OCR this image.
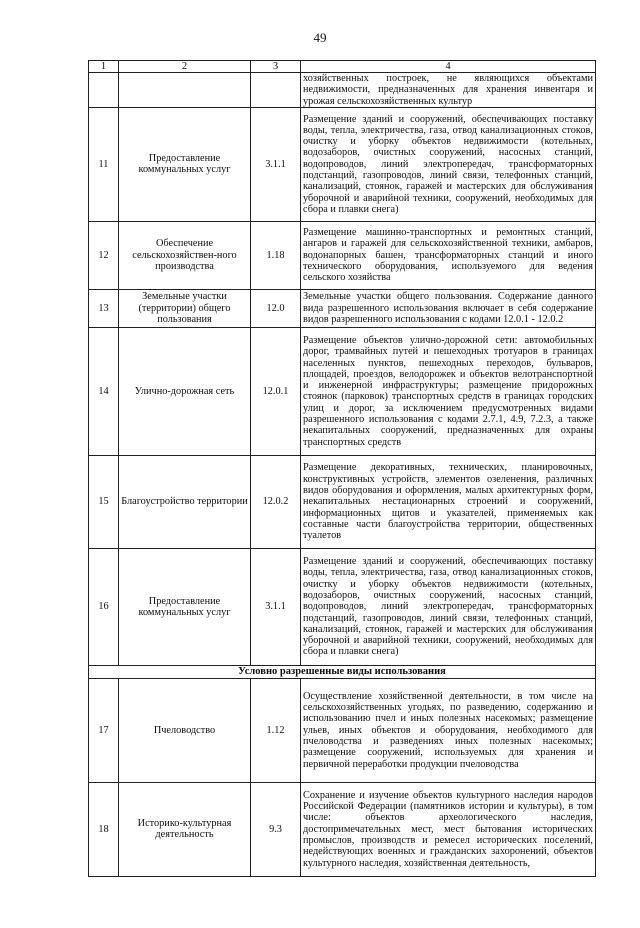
49
1	2	3	4
			хозяйственных построек, не являющихся объектами недвижимости, предназначенных для хранения инвентаря и урожая сельскохозяйственных культур
11	Предоставление коммунальных услуг	3.1.1	Размещение зданий и сооружений, обеспечивающих поставку воды, тепла, электричества, газа, отвод канализационных стоков, очистку и уборку объектов недвижимости (котельных, водозаборов, очистных сооружений, насосных станций, водопроводов, линий электропередач, трансформаторных подстанций, газопроводов, линий связи, телефонных станций, канализаций, стоянок, гаражей и мастерских для обслуживания уборочной и аварийной техники, сооружений, необходимых для сбора и плавки снега)
12	Обеспечение сельскохозяйствен-ного производства	1.18	Размещение машинно-транспортных и ремонтных станций, ангаров и гаражей для сельскохозяйственной техники, амбаров, водонапорных башен, трансформаторных станций и иного технического оборудования, используемого для ведения сельского хозяйства
13	Земельные участки (территории) общего пользования	12.0	Земельные участки общего пользования. Содержание данного вида разрешенного использования включает в себя содержание видов разрешенного использования с кодами 12.0.1 - 12.0.2
14	Улично-дорожная сеть	12.0.1	Размещение объектов улично-дорожной сети: автомобильных дорог, трамвайных путей и пешеходных тротуаров в границах населенных пунктов, пешеходных переходов, бульваров, площадей, проездов, велодорожек и объектов велотранспортной и инженерной инфраструктуры; размещение придорожных стоянок (парковок) транспортных средств в границах городских улиц и дорог, за исключением предусмотренных видами разрешенного использования с кодами 2.7.1, 4.9, 7.2.3, а также некапитальных сооружений, предназначенных для охраны транспортных средств
15	Благоустройство территории	12.0.2	Размещение декоративных, технических, планировочных, конструктивных устройств, элементов озеленения, различных видов оборудования и оформления, малых архитектурных форм, некапитальных нестационарных строений и сооружений, информационных щитов и указателей, применяемых как составные части благоустройства территории, общественных туалетов
16	Предоставление коммунальных услуг	3.1.1	Размещение зданий и сооружений, обеспечивающих поставку воды, тепла, электричества, газа, отвод канализационных стоков, очистку и уборку объектов недвижимости (котельных, водозаборов, очистных сооружений, насосных станций, водопроводов, линий электропередач, трансформаторных подстанций, газопроводов, линий связи, телефонных станций, канализаций, стоянок, гаражей и мастерских для обслуживания уборочной и аварийной техники, сооружений, необходимых для сбора и плавки снега)
Условно разрешенные виды использования			
17	Пчеловодство	1.12	Осуществление хозяйственной деятельности, в том числе на сельскохозяйственных угодьях, по разведению, содержанию и использованию пчел и иных полезных насекомых; размещение ульев, иных объектов и оборудования, необходимого для пчеловодства и разведениях иных полезных насекомых; размещение сооружений, используемых для хранения и первичной переработки продукции пчеловодства
18	Историко-культурная деятельность	9.3	Сохранение и изучение объектов культурного наследия народов Российской Федерации (памятников истории и культуры), в том числе: объектов археологического наследия, достопримечательных мест, мест бытования исторических промыслов, производств и ремесел исторических поселений, недействующих военных и гражданских захоронений, объектов культурного наследия, хозяйственная деятельность,
